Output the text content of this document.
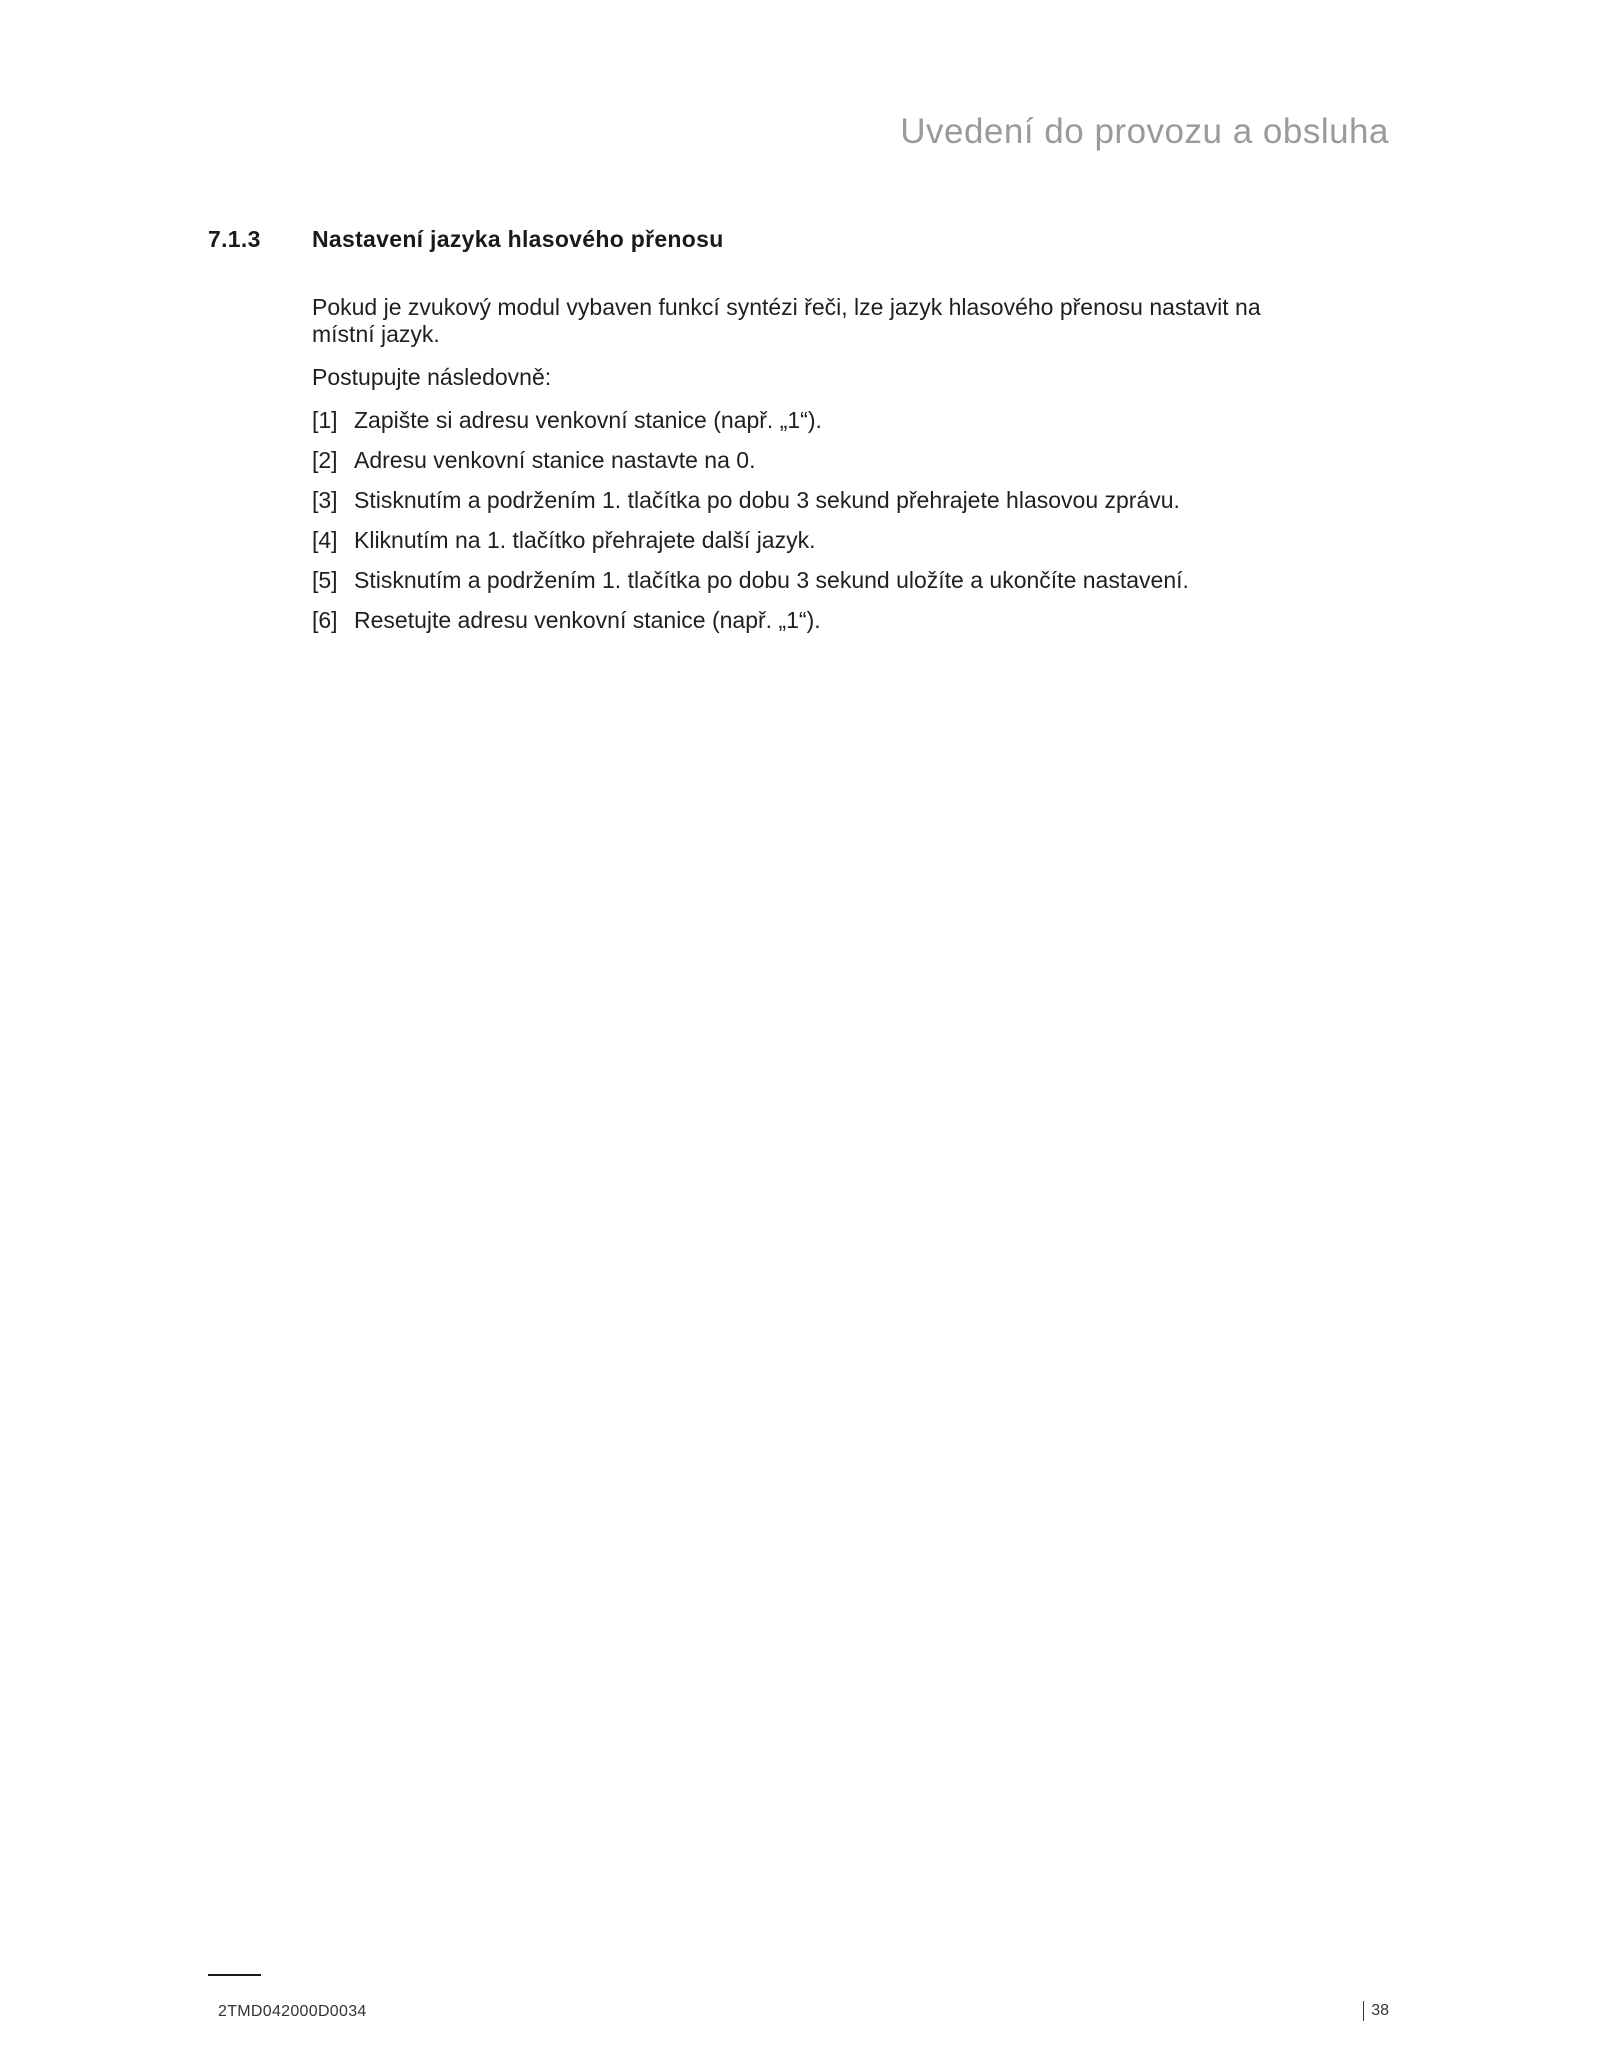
Uvedení do provozu a obsluha
7.1.3	Nastavení jazyka hlasového přenosu

Pokud je zvukový modul vybaven funkcí syntézi řeči, lze jazyk hlasového přenosu nastavit na místní jazyk.

Postupujte následovně:

[1] Zapište si adresu venkovní stanice (např. „1“).
[2] Adresu venkovní stanice nastavte na 0.
[3] Stisknutím a podržením 1. tlačítka po dobu 3 sekund přehrajete hlasovou zprávu.
[4] Kliknutím na 1. tlačítko přehrajete další jazyk.
[5] Stisknutím a podržením 1. tlačítka po dobu 3 sekund uložíte a ukončíte nastavení.
[6] Resetujte adresu venkovní stanice (např. „1“).
2TMD042000D0034	38
